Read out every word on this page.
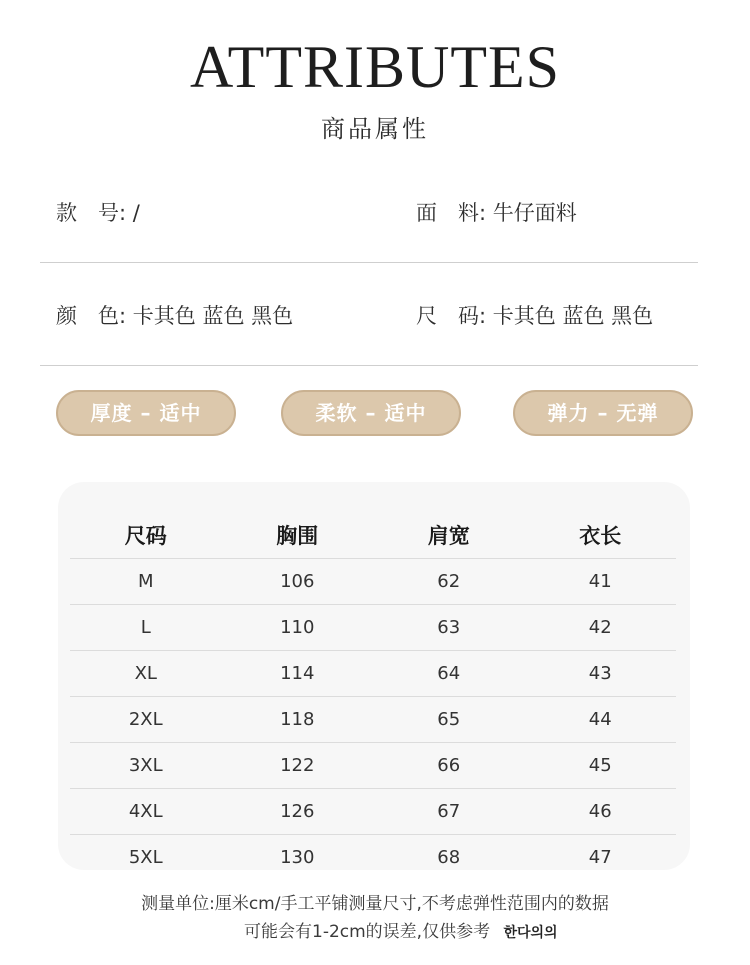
ATTRIBUTES
商品属性
款　号: /	面　料: 牛仔面料
颜　色: 卡其色 蓝色 黑色	尺　码: 卡其色 蓝色 黑色
厚度 – 适中	柔软 – 适中	弹力 – 无弹
尺码	胸围	肩宽	衣长
M	106	62	41
L	110	63	42
XL	114	64	43
2XL	118	65	44
3XL	122	66	45
4XL	126	67	46
5XL	130	68	47
测量单位:厘米cm/手工平铺测量尺寸,不考虑弹性范围内的数据
可能会有1-2cm的误差,仅供参考 한다의의
